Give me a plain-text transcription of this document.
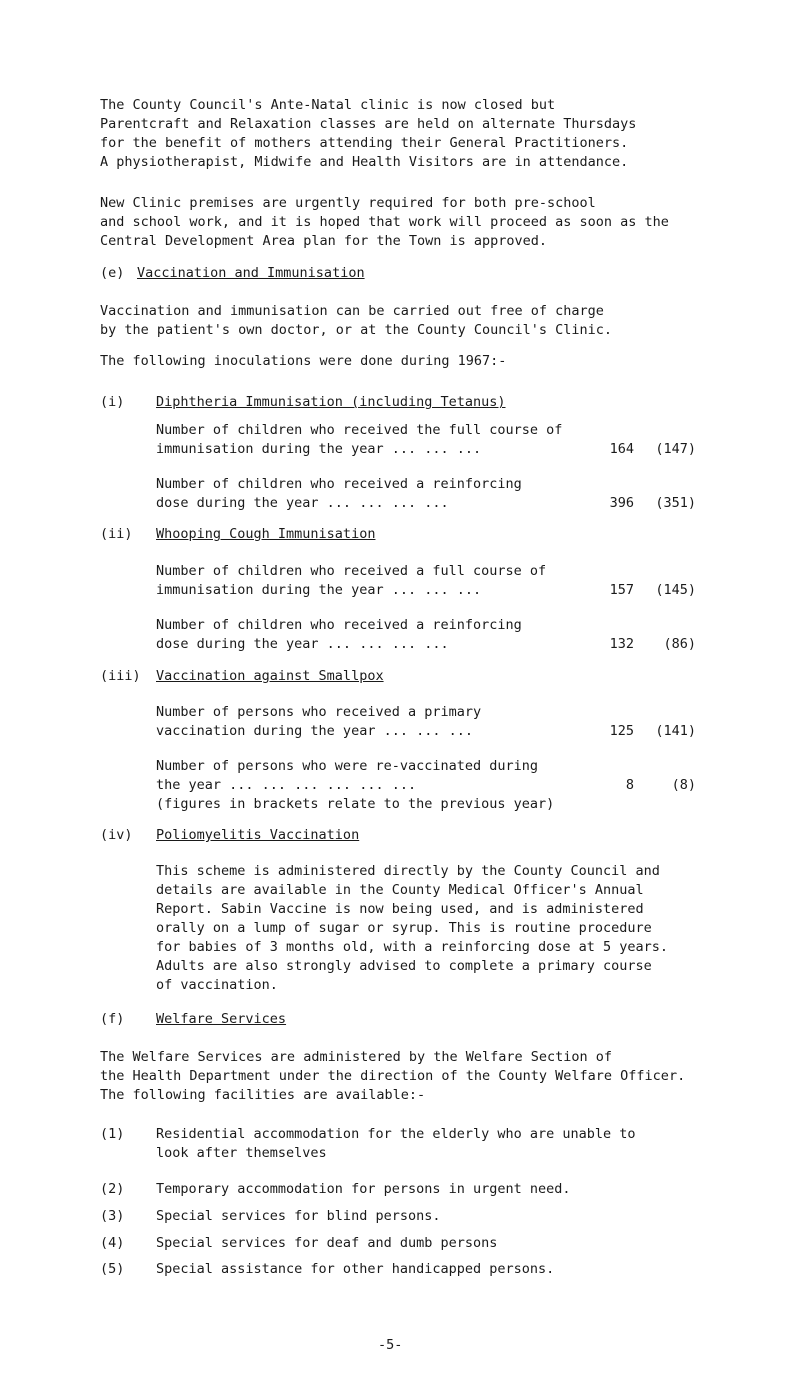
The County Council's Ante-Natal clinic is now closed but
Parentcraft and Relaxation classes are held on alternate Thursdays
for the benefit of mothers attending their General Practitioners.
A physiotherapist, Midwife and Health Visitors are in attendance.

New Clinic premises are urgently required for both pre-school
and school work, and it is hoped that work will proceed as soon as the
Central Development Area plan for the Town is approved.

(e) Vaccination and Immunisation

Vaccination and immunisation can be carried out free of charge
by the patient's own doctor, or at the County Council's Clinic.

The following inoculations were done during 1967:-

(i) Diphtheria Immunisation (including Tetanus)
Number of children who received the full course of
immunisation during the year ... ... ...	164 (147)
Number of children who received a reinforcing
dose during the year ... ... ... ...	396 (351)
(ii) Whooping Cough Immunisation
Number of children who received a full course of
immunisation during the year ... ... ...	157 (145)
Number of children who received a reinforcing
dose during the year ... ... ... ...	132 (86)
(iii) Vaccination against Smallpox
Number of persons who received a primary
vaccination during the year ... ... ...	125 (141)
Number of persons who were re-vaccinated during
the year ... ... ... ... ... ...	8	(8)
(figures in brackets relate to the previous year)
(iv) Poliomyelitis Vaccination
This scheme is administered directly by the County Council and
details are available in the County Medical Officer's Annual
Report. Sabin Vaccine is now being used, and is administered
orally on a lump of sugar or syrup. This is routine procedure
for babies of 3 months old, with a reinforcing dose at 5 years.
Adults are also strongly advised to complete a primary course
of vaccination.
(f) Welfare Services
The Welfare Services are administered by the Welfare Section of
the Health Department under the direction of the County Welfare Officer.
The following facilities are available:-
(1) Residential accommodation for the elderly who are unable to
look after themselves
(2) Temporary accommodation for persons in urgent need.
(3) Special services for blind persons.
(4) Special services for deaf and dumb persons
(5) Special assistance for other handicapped persons.
-5-
